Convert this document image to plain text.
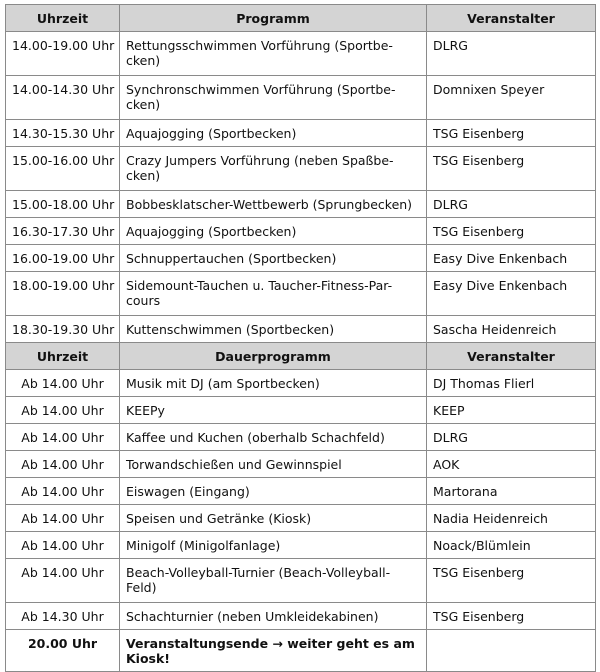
Uhrzeit	Programm	Veranstalter
14.00-19.00 Uhr	Rettungsschwimmen Vorführung (Sportbe-
cken)	DLRG
14.00-14.30 Uhr	Synchronschwimmen Vorführung (Sportbe-
cken)	Domnixen Speyer
14.30-15.30 Uhr	Aquajogging (Sportbecken)	TSG Eisenberg
15.00-16.00 Uhr	Crazy Jumpers Vorführung (neben Spaßbe-
cken)	TSG Eisenberg
15.00-18.00 Uhr	Bobbesklatscher-Wettbewerb (Sprungbecken)	DLRG
16.30-17.30 Uhr	Aquajogging (Sportbecken)	TSG Eisenberg
16.00-19.00 Uhr	Schnuppertauchen (Sportbecken)	Easy Dive Enkenbach
18.00-19.00 Uhr	Sidemount-Tauchen u. Taucher-Fitness-Par-
cours	Easy Dive Enkenbach
18.30-19.30 Uhr	Kuttenschwimmen (Sportbecken)	Sascha Heidenreich
Uhrzeit	Dauerprogramm	Veranstalter
Ab 14.00 Uhr	Musik mit DJ (am Sportbecken)	DJ Thomas Flierl
Ab 14.00 Uhr	KEEPy	KEEP
Ab 14.00 Uhr	Kaffee und Kuchen (oberhalb Schachfeld)	DLRG
Ab 14.00 Uhr	Torwandschießen und Gewinnspiel	AOK
Ab 14.00 Uhr	Eiswagen (Eingang)	Martorana
Ab 14.00 Uhr	Speisen und Getränke (Kiosk)	Nadia Heidenreich
Ab 14.00 Uhr	Minigolf (Minigolfanlage)	Noack/Blümlein
Ab 14.00 Uhr	Beach-Volleyball-Turnier (Beach-Volleyball-
Feld)	TSG Eisenberg
Ab 14.30 Uhr	Schachturnier (neben Umkleidekabinen)	TSG Eisenberg
20.00 Uhr	Veranstaltungsende → weiter geht es am
Kiosk!	
